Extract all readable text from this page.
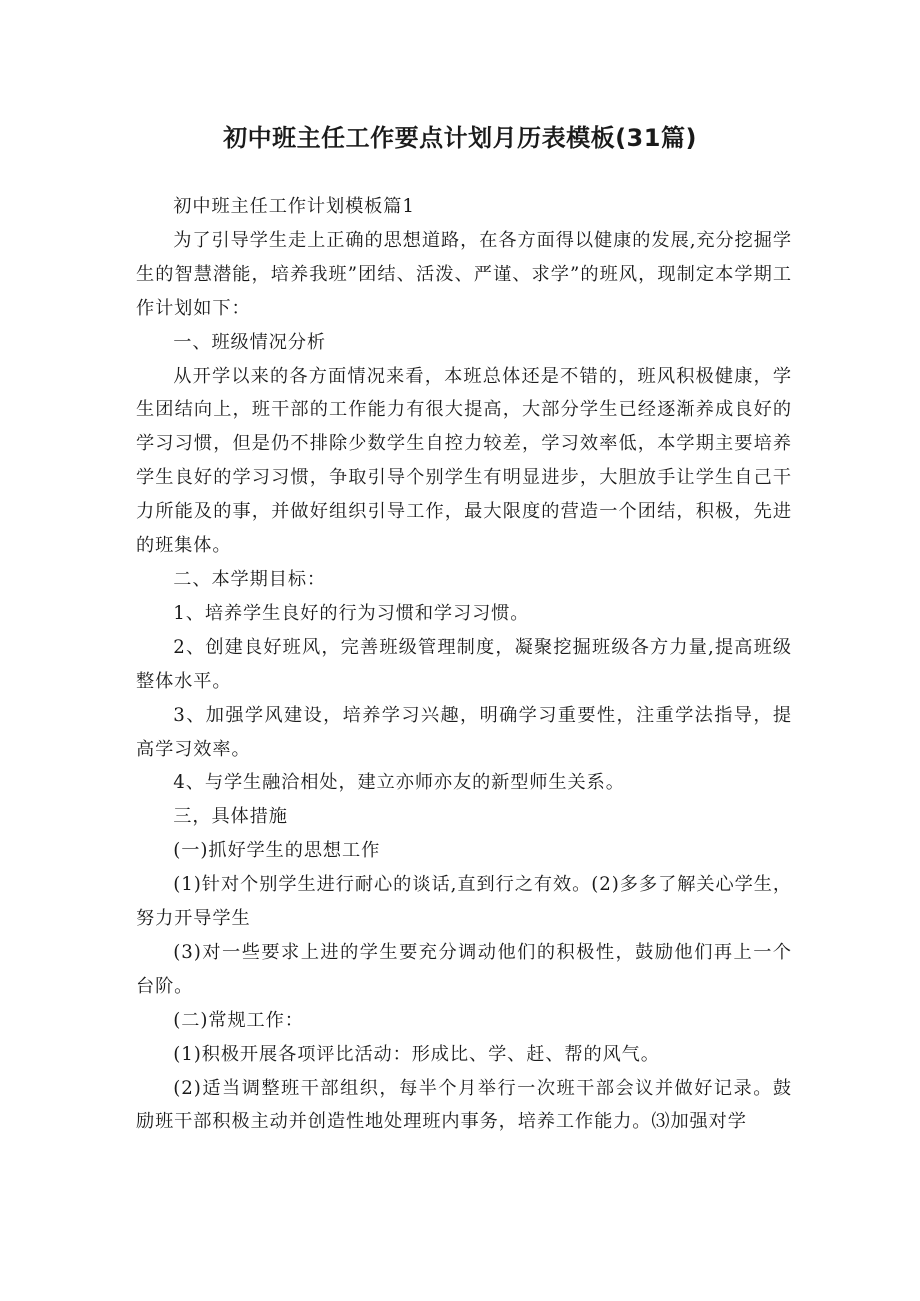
初中班主任工作要点计划月历表模板(31篇)

初中班主任工作计划模板篇1

为了引导学生走上正确的思想道路，在各方面得以健康的发展,充分挖掘学生的智慧潜能，培养我班”团结、活泼、严谨、求学”的班风，现制定本学期工作计划如下：

一、班级情况分析

从开学以来的各方面情况来看，本班总体还是不错的，班风积极健康，学生团结向上，班干部的工作能力有很大提高，大部分学生已经逐渐养成良好的学习习惯，但是仍不排除少数学生自控力较差，学习效率低，本学期主要培养学生良好的学习习惯，争取引导个别学生有明显进步，大胆放手让学生自己干力所能及的事，并做好组织引导工作，最大限度的营造一个团结，积极，先进的班集体。

二、本学期目标：

1、培养学生良好的行为习惯和学习习惯。

2、创建良好班风，完善班级管理制度，凝聚挖掘班级各方力量,提高班级整体水平。

3、加强学风建设，培养学习兴趣，明确学习重要性，注重学法指导，提高学习效率。

4、与学生融洽相处，建立亦师亦友的新型师生关系。

三，具体措施

(一)抓好学生的思想工作

(1)针对个别学生进行耐心的谈话,直到行之有效。(2)多多了解关心学生，努力开导学生

(3)对一些要求上进的学生要充分调动他们的积极性，鼓励他们再上一个台阶。

(二)常规工作：

(1)积极开展各项评比活动：形成比、学、赶、帮的风气。

(2)适当调整班干部组织，每半个月举行一次班干部会议并做好记录。鼓励班干部积极主动并创造性地处理班内事务，培养工作能力。⑶加强对学
